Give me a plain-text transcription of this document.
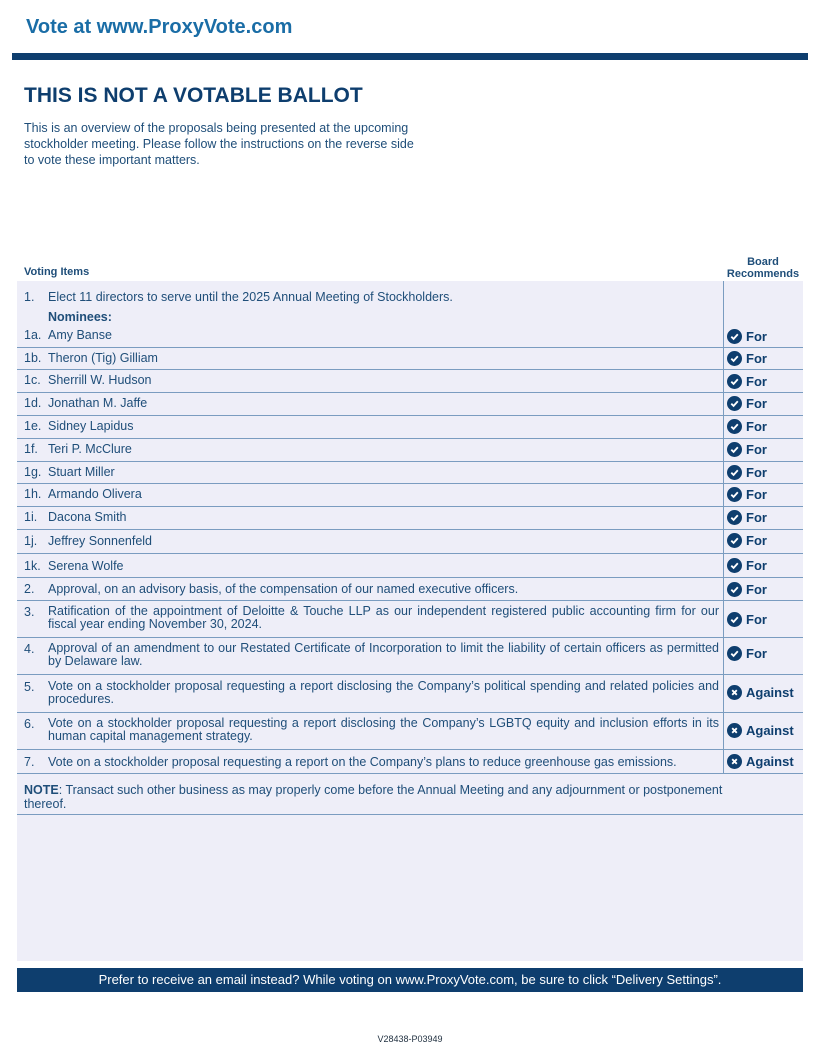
Vote at www.ProxyVote.com
THIS IS NOT A VOTABLE BALLOT
This is an overview of the proposals being presented at the upcoming stockholder meeting. Please follow the instructions on the reverse side to vote these important matters.
Voting Items
Board
Recommends
1. Elect 11 directors to serve until the 2025 Annual Meeting of Stockholders.
Nominees:
1a. Amy Banse	For
1b. Theron (Tig) Gilliam	For
1c. Sherrill W. Hudson	For
1d. Jonathan M. Jaffe	For
1e. Sidney Lapidus	For
1f. Teri P. McClure	For
1g. Stuart Miller	For
1h. Armando Olivera	For
1i. Dacona Smith	For
1j. Jeffrey Sonnenfeld	For
1k. Serena Wolfe	For
2. Approval, on an advisory basis, of the compensation of our named executive officers.	For
3. Ratification of the appointment of Deloitte & Touche LLP as our independent registered public accounting firm for our fiscal year ending November 30, 2024.	For
4. Approval of an amendment to our Restated Certificate of Incorporation to limit the liability of certain officers as permitted by Delaware law.	For
5. Vote on a stockholder proposal requesting a report disclosing the Company’s political spending and related policies and procedures.	Against
6. Vote on a stockholder proposal requesting a report disclosing the Company’s LGBTQ equity and inclusion efforts in its human capital management strategy.	Against
7. Vote on a stockholder proposal requesting a report on the Company’s plans to reduce greenhouse gas emissions.	Against
NOTE: Transact such other business as may properly come before the Annual Meeting and any adjournment or postponement thereof.
Prefer to receive an email instead? While voting on www.ProxyVote.com, be sure to click “Delivery Settings”.
V28438-P03949
